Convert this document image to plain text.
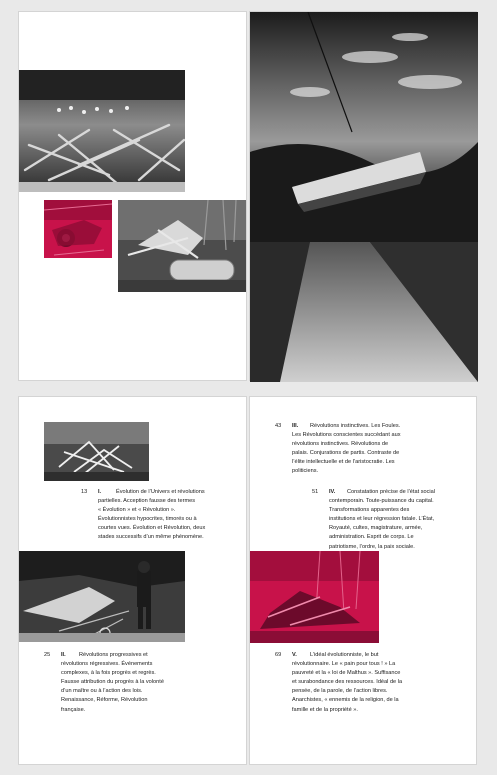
13 I.	Évolution de l’Univers et révolutions
partielles. Acception fausse des termes
« Évolution » et « Révolution ».
Évolutionnistes hypocrites, timorés ou à
courtes vues. Évolution et Révolution, deux
stades successifs d’un même phénomène.
25 II.	Révolutions progressives et
révolutions régressives. Événements
complexes, à la fois progrès et regrès.
Fausse attribution du progrès à la volonté
d’un maître ou à l’action des lois.
Renaissance, Réforme, Révolution
française.
43 III.	Révolutions instinctives. Les Foules.
Les Révolutions conscientes succèdant aux
révolutions instinctives. Révolutions de
palais. Conjurations de partis. Contraste de
l’élite intellectuelle et de l’aristocratie. Les
politiciens.
51 IV.	Constatation précise de l’état social
contemporain. Toute-puissance du capital.
Transformations apparentes des
institutions et leur régression fatale. L’État,
Royauté, cultes, magistrature, armée,
administration. Esprit de corps. Le
patriotisme, l’ordre, la paix sociale.
69 V.	L’idéal évolutionniste, le but
révolutionnaire. Le « pain pour tous ! » La
pauvreté et la « loi de Malthus ». Suffisance
et surabondance des ressources. Idéal de la
pensée, de la parole, de l’action libres.
Anarchistes, « ennemis de la religion, de la
famille et de la propriété ».
